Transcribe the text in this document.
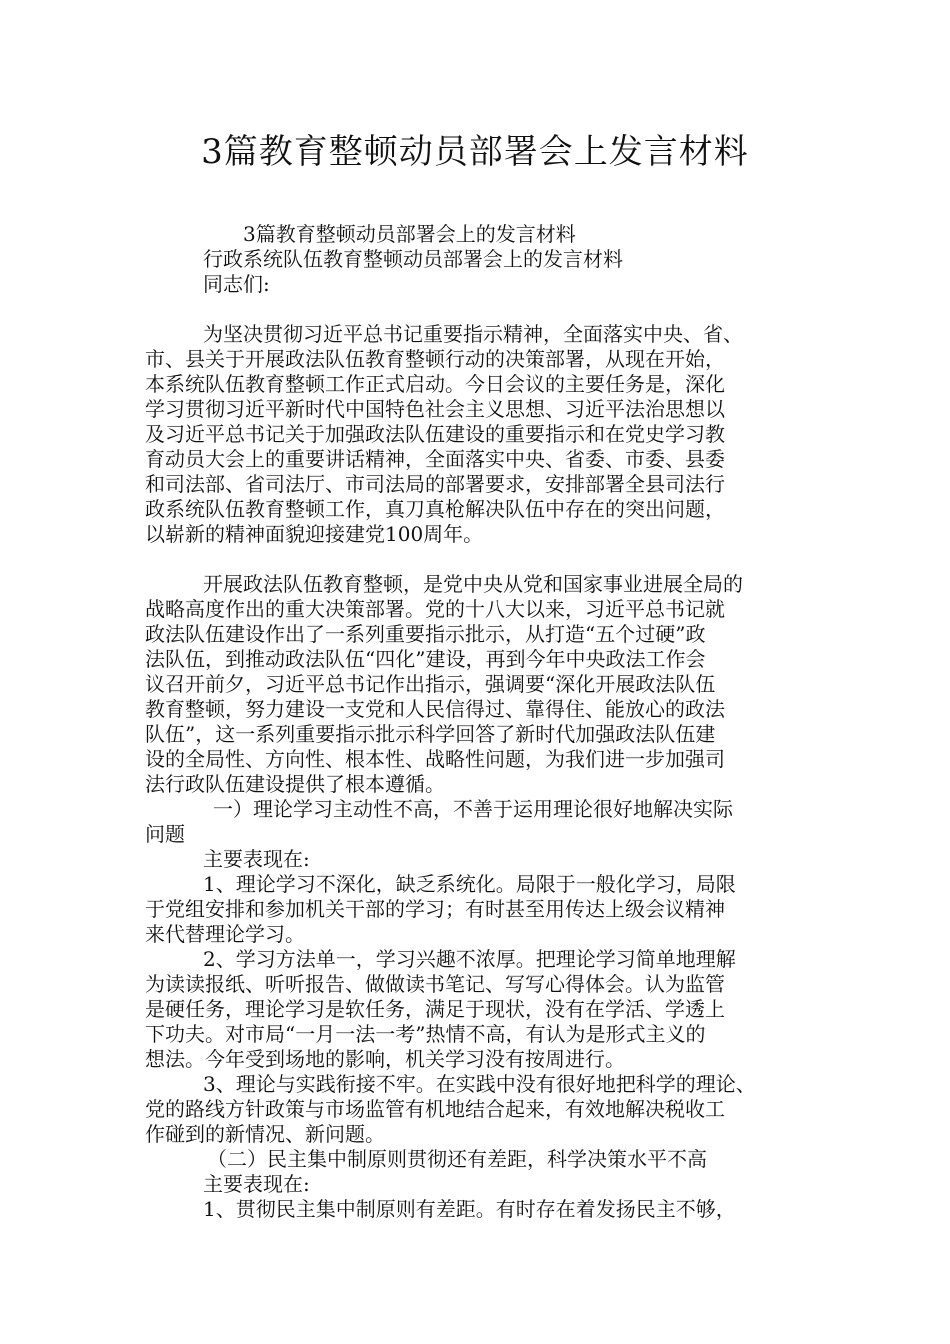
3篇教育整顿动员部署会上发言材料
3篇教育整顿动员部署会上的发言材料
行政系统队伍教育整顿动员部署会上的发言材料
同志们:
为坚决贯彻习近平总书记重要指示精神，全面落实中央、省、
市、县关于开展政法队伍教育整顿行动的决策部署，从现在开始，
本系统队伍教育整顿工作正式启动。今日会议的主要任务是，深化
学习贯彻习近平新时代中国特色社会主义思想、习近平法治思想以
及习近平总书记关于加强政法队伍建设的重要指示和在党史学习教
育动员大会上的重要讲话精神，全面落实中央、省委、市委、县委
和司法部、省司法厅、市司法局的部署要求，安排部署全县司法行
政系统队伍教育整顿工作，真刀真枪解决队伍中存在的突出问题，
以崭新的精神面貌迎接建党100周年。
开展政法队伍教育整顿，是党中央从党和国家事业进展全局的
战略高度作出的重大决策部署。党的十八大以来，习近平总书记就
政法队伍建设作出了一系列重要指示批示，从打造“五个过硬”政
法队伍，到推动政法队伍“四化”建设，再到今年中央政法工作会
议召开前夕，习近平总书记作出指示，强调要“深化开展政法队伍
教育整顿，努力建设一支党和人民信得过、靠得住、能放心的政法
队伍”，这一系列重要指示批示科学回答了新时代加强政法队伍建
设的全局性、方向性、根本性、战略性问题，为我们进一步加强司
法行政队伍建设提供了根本遵循。
一）理论学习主动性不高，不善于运用理论很好地解决实际
问题
主要表现在:
1、理论学习不深化，缺乏系统化。局限于一般化学习，局限
于党组安排和参加机关干部的学习；有时甚至用传达上级会议精神
来代替理论学习。
2、学习方法单一，学习兴趣不浓厚。把理论学习简单地理解
为读读报纸、听听报告、做做读书笔记、写写心得体会。认为监管
是硬任务，理论学习是软任务，满足于现状，没有在学活、学透上
下功夫。对市局“一月一法一考”热情不高，有认为是形式主义的
想法。今年受到场地的影响，机关学习没有按周进行。
3、理论与实践衔接不牢。在实践中没有很好地把科学的理论、
党的路线方针政策与市场监管有机地结合起来，有效地解决税收工
作碰到的新情况、新问题。
（二）民主集中制原则贯彻还有差距，科学决策水平不高
主要表现在:
1、贯彻民主集中制原则有差距。有时存在着发扬民主不够，
